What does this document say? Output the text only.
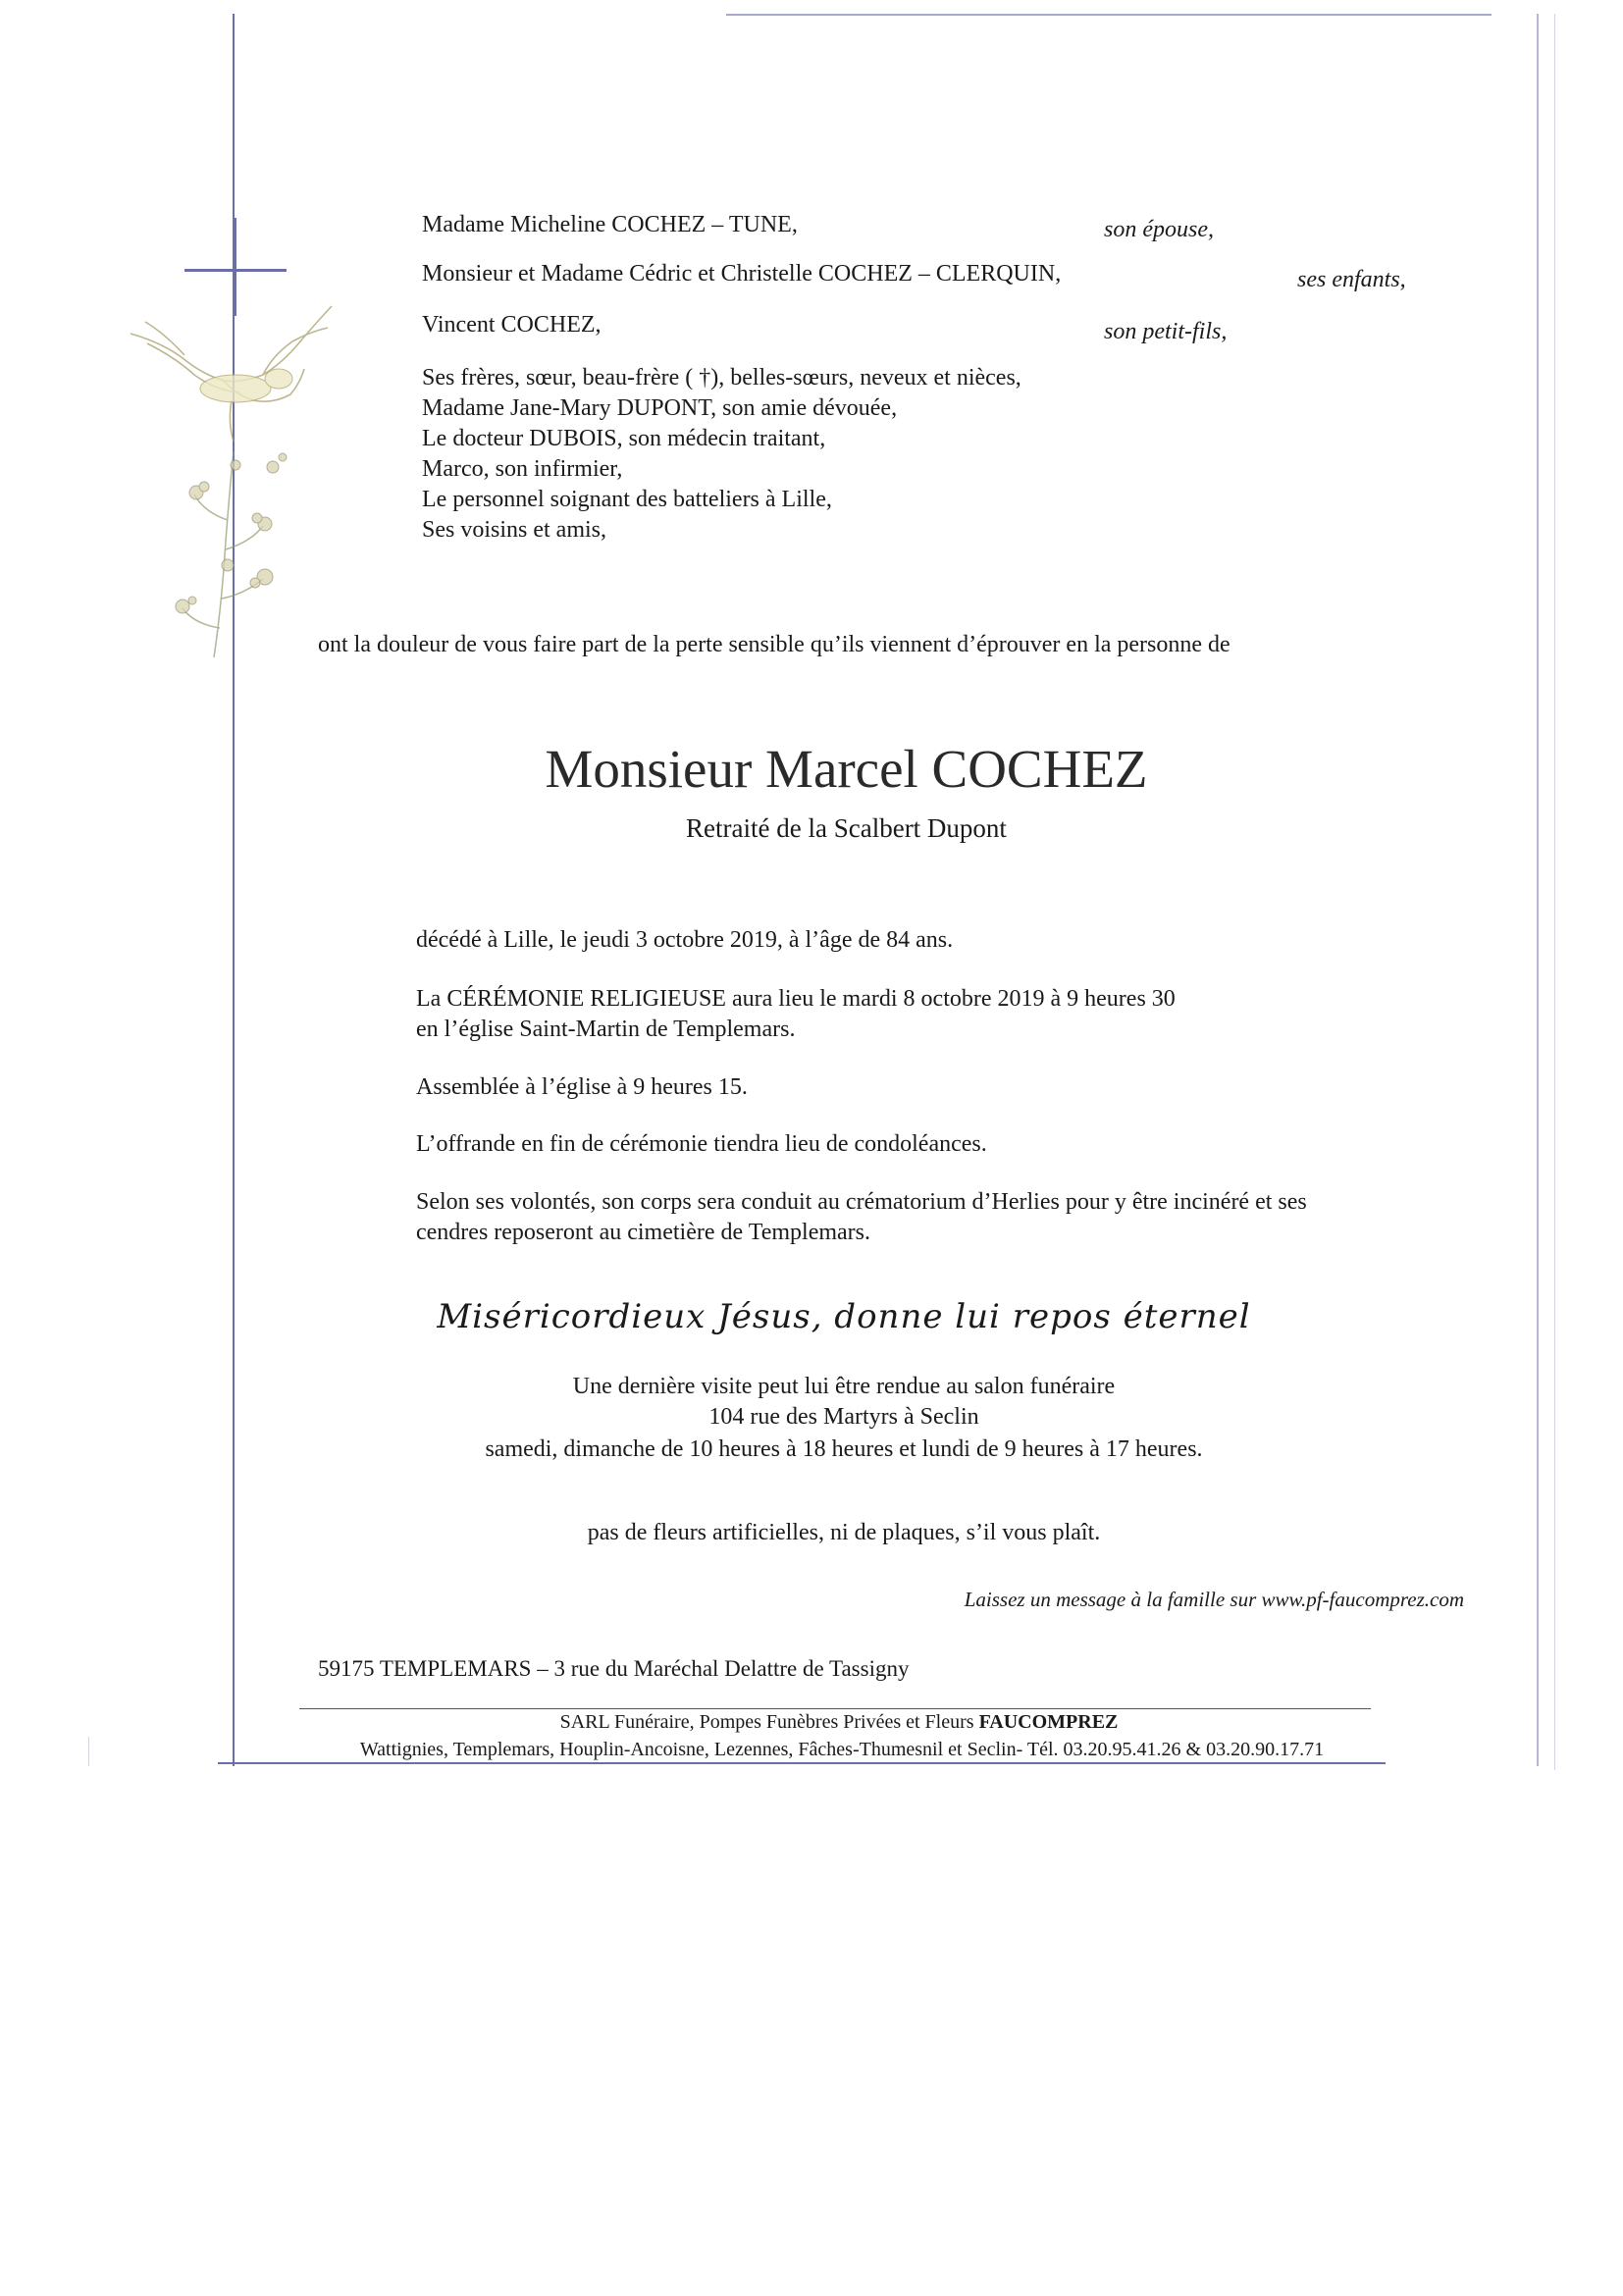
Madame Micheline COCHEZ – TUNE,	son épouse,
Monsieur et Madame Cédric et Christelle COCHEZ – CLERQUIN,	ses enfants,
Vincent COCHEZ,	son petit-fils,
Ses frères, sœur, beau-frère ( †), belles-sœurs, neveux et nièces,
Madame Jane-Mary DUPONT, son amie dévouée,
Le docteur DUBOIS, son médecin traitant,
Marco, son infirmier,
Le personnel soignant des batteliers à Lille,
Ses voisins et amis,
ont la douleur de vous faire part de la perte sensible qu’ils viennent d’éprouver en la personne de
Monsieur Marcel COCHEZ
Retraité de la Scalbert Dupont
décédé à Lille, le jeudi 3 octobre 2019, à l’âge de 84 ans.
La CÉRÉMONIE RELIGIEUSE aura lieu le mardi 8 octobre 2019 à 9 heures 30
en l’église Saint-Martin de Templemars.
Assemblée à l’église à 9 heures 15.
L’offrande en fin de cérémonie tiendra lieu de condoléances.
Selon ses volontés, son corps sera conduit au crématorium d’Herlies pour y être incinéré et ses
cendres reposeront au cimetière de Templemars.
Miséricordieux Jésus, donne lui repos éternel
Une dernière visite peut lui être rendue au salon funéraire
104 rue des Martyrs à Seclin
samedi, dimanche de 10 heures à 18 heures et lundi de 9 heures à 17 heures.
pas de fleurs artificielles, ni de plaques, s’il vous plaît.
Laissez un message à la famille sur www.pf-faucomprez.com
59175 TEMPLEMARS – 3 rue du Maréchal Delattre de Tassigny
SARL Funéraire, Pompes Funèbres Privées et Fleurs FAUCOMPREZ
Wattignies, Templemars, Houplin-Ancoisne, Lezennes, Fâches-Thumesnil et Seclin- Tél. 03.20.95.41.26 & 03.20.90.17.71
